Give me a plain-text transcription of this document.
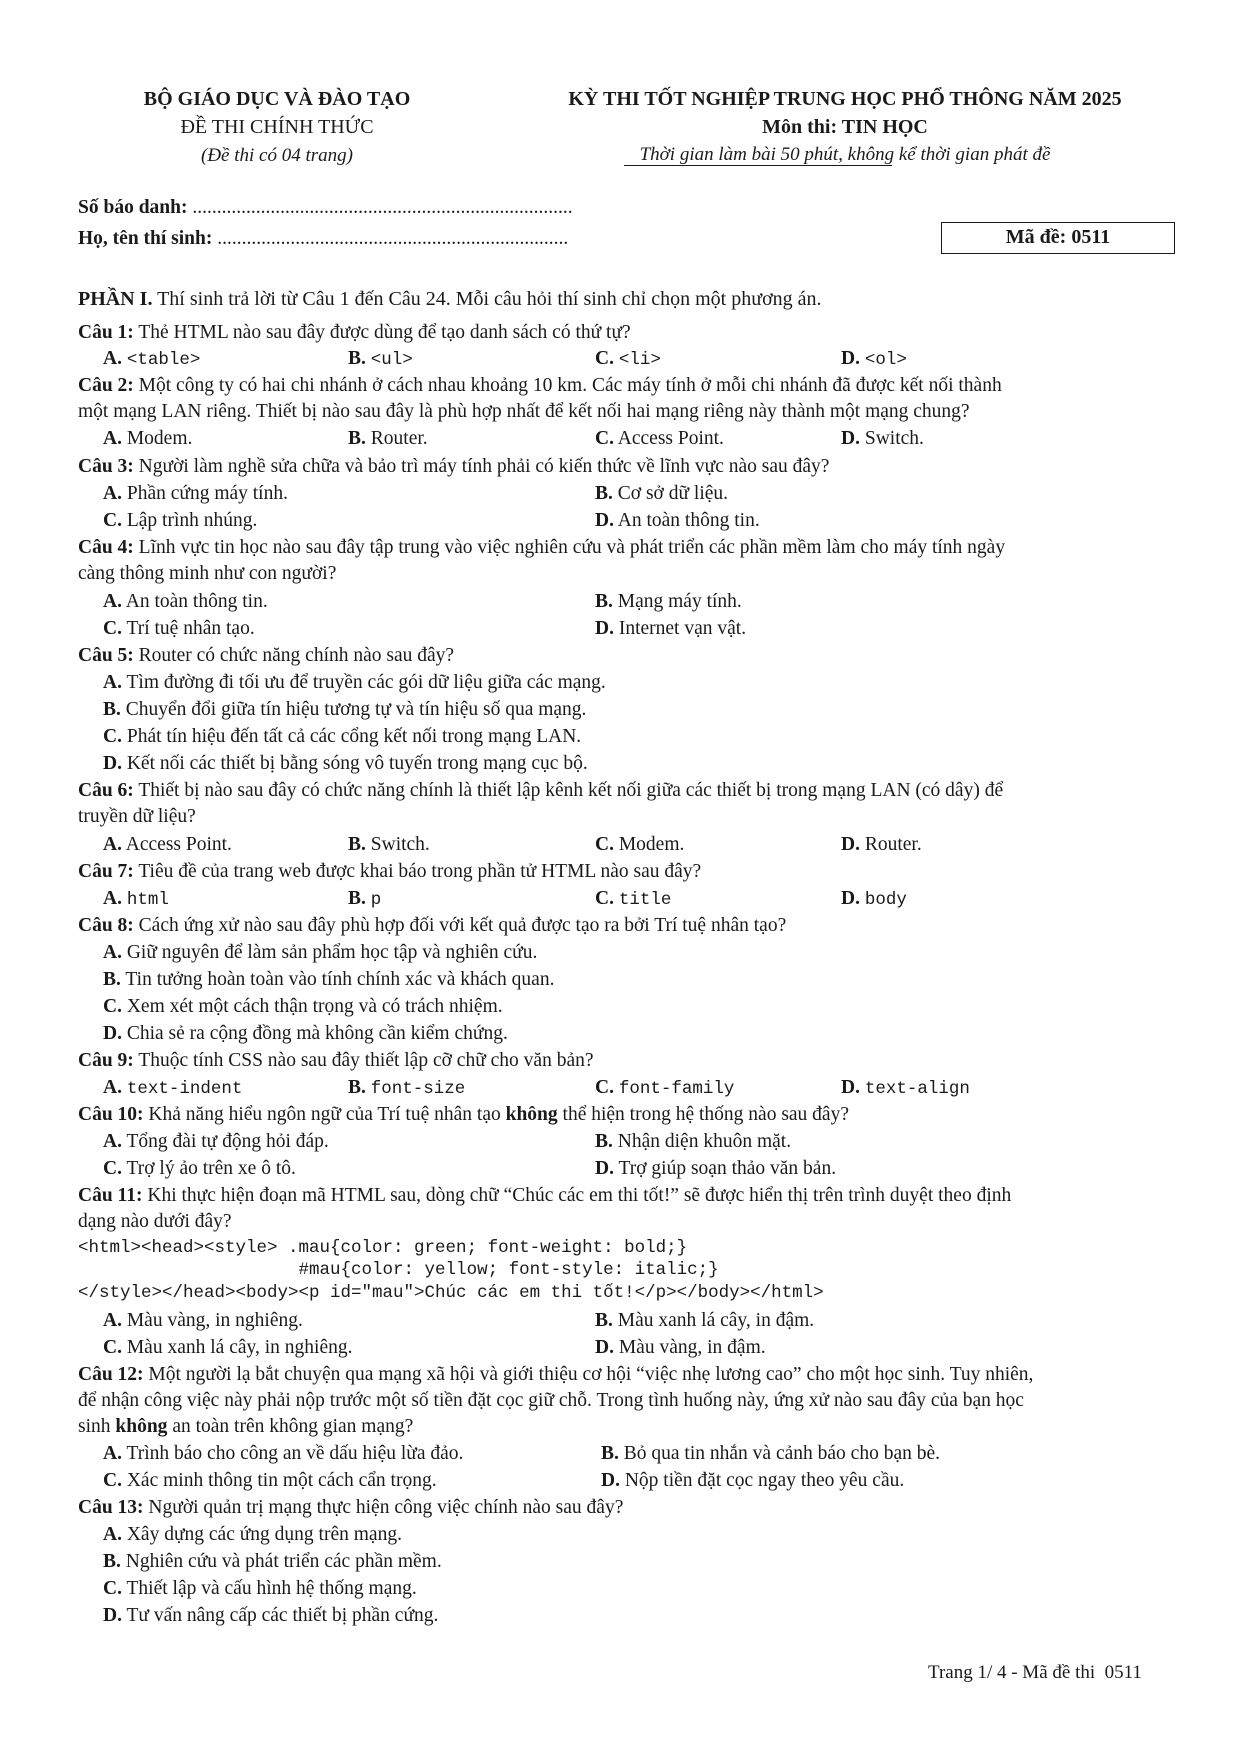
BỘ GIÁO DỤC VÀ ĐÀO TẠO
ĐỀ THI CHÍNH THỨC
(Đề thi có 04 trang)
KỲ THI TỐT NGHIỆP TRUNG HỌC PHỔ THÔNG NĂM 2025
Môn thi: TIN HỌC
Thời gian làm bài 50 phút, không kể thời gian phát đề
Số báo danh: ..............................................................................
Họ, tên thí sinh: ........................................................................	Mã đề: 0511
PHẦN I. Thí sinh trả lời từ Câu 1 đến Câu 24. Mỗi câu hỏi thí sinh chỉ chọn một phương án.
Câu 1: Thẻ HTML nào sau đây được dùng để tạo danh sách có thứ tự?
A. <table>	B. <ul>	C. <li>	D. <ol>
Câu 2: Một công ty có hai chi nhánh ở cách nhau khoảng 10 km. Các máy tính ở mỗi chi nhánh đã được kết nối thành
một mạng LAN riêng. Thiết bị nào sau đây là phù hợp nhất để kết nối hai mạng riêng này thành một mạng chung?
A. Modem.	B. Router.	C. Access Point.	D. Switch.
Câu 3: Người làm nghề sửa chữa và bảo trì máy tính phải có kiến thức về lĩnh vực nào sau đây?
A. Phần cứng máy tính.	B. Cơ sở dữ liệu.
C. Lập trình nhúng.	D. An toàn thông tin.
Câu 4: Lĩnh vực tin học nào sau đây tập trung vào việc nghiên cứu và phát triển các phần mềm làm cho máy tính ngày
càng thông minh như con người?
A. An toàn thông tin.	B. Mạng máy tính.
C. Trí tuệ nhân tạo.	D. Internet vạn vật.
Câu 5: Router có chức năng chính nào sau đây?
A. Tìm đường đi tối ưu để truyền các gói dữ liệu giữa các mạng.
B. Chuyển đổi giữa tín hiệu tương tự và tín hiệu số qua mạng.
C. Phát tín hiệu đến tất cả các cổng kết nối trong mạng LAN.
D. Kết nối các thiết bị bằng sóng vô tuyến trong mạng cục bộ.
Câu 6: Thiết bị nào sau đây có chức năng chính là thiết lập kênh kết nối giữa các thiết bị trong mạng LAN (có dây) để
truyền dữ liệu?
A. Access Point.	B. Switch.	C. Modem.	D. Router.
Câu 7: Tiêu đề của trang web được khai báo trong phần tử HTML nào sau đây?
A. html	B. p	C. title	D. body
Câu 8: Cách ứng xử nào sau đây phù hợp đối với kết quả được tạo ra bởi Trí tuệ nhân tạo?
A. Giữ nguyên để làm sản phẩm học tập và nghiên cứu.
B. Tin tưởng hoàn toàn vào tính chính xác và khách quan.
C. Xem xét một cách thận trọng và có trách nhiệm.
D. Chia sẻ ra cộng đồng mà không cần kiểm chứng.
Câu 9: Thuộc tính CSS nào sau đây thiết lập cỡ chữ cho văn bản?
A. text-indent	B. font-size	C. font-family	D. text-align
Câu 10: Khả năng hiểu ngôn ngữ của Trí tuệ nhân tạo không thể hiện trong hệ thống nào sau đây?
A. Tổng đài tự động hỏi đáp.	B. Nhận diện khuôn mặt.
C. Trợ lý ảo trên xe ô tô.	D. Trợ giúp soạn thảo văn bản.
Câu 11: Khi thực hiện đoạn mã HTML sau, dòng chữ “Chúc các em thi tốt!” sẽ được hiển thị trên trình duyệt theo định
dạng nào dưới đây?
<html><head><style> .mau{color: green; font-weight: bold;}
#mau{color: yellow; font-style: italic;}
</style></head><body><p id="mau">Chúc các em thi tốt!</p></body></html>
A. Màu vàng, in nghiêng.	B. Màu xanh lá cây, in đậm.
C. Màu xanh lá cây, in nghiêng.	D. Màu vàng, in đậm.
Câu 12: Một người lạ bắt chuyện qua mạng xã hội và giới thiệu cơ hội “việc nhẹ lương cao” cho một học sinh. Tuy nhiên,
để nhận công việc này phải nộp trước một số tiền đặt cọc giữ chỗ. Trong tình huống này, ứng xử nào sau đây của bạn học
sinh không an toàn trên không gian mạng?
A. Trình báo cho công an về dấu hiệu lừa đảo.	B. Bỏ qua tin nhắn và cảnh báo cho bạn bè.
C. Xác minh thông tin một cách cẩn trọng.	D. Nộp tiền đặt cọc ngay theo yêu cầu.
Câu 13: Người quản trị mạng thực hiện công việc chính nào sau đây?
A. Xây dựng các ứng dụng trên mạng.
B. Nghiên cứu và phát triển các phần mềm.
C. Thiết lập và cấu hình hệ thống mạng.
D. Tư vấn nâng cấp các thiết bị phần cứng.
Trang 1/ 4 - Mã đề thi  0511
